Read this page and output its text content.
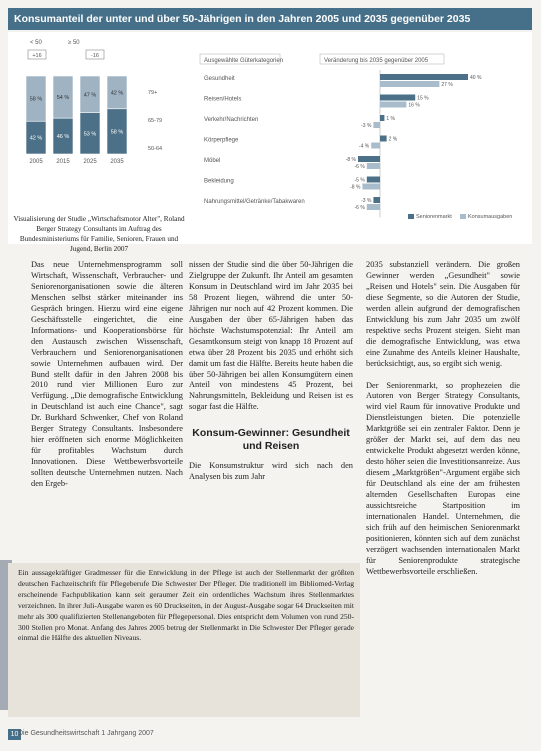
Konsumanteil der unter und über 50-Jährigen in den Jahren 2005 und 2035 gegenüber 2035
< 50	≥ 50
42 %
58 %
2005
46 %
54 %
2015
53 %
47 %
2025
58 %
42 %
2035
+16	-16
79+
65-79
50-64
Ausgewählte Güterkategorien	Veränderung bis 2035 gegenüber 2005
Gesundheit	40 %
27 %
Reisen/Hotels	15 %
16 %
Verkehr/Nachrichten	1 %
-3 %
Körperpflege	2 %
-4 %
Möbel	-8 %
-6 %
Bekleidung	-5 %
-8 %
Nahrungsmittel/Getränke/Tabakwaren	-3 %
-6 %
Seniorenmarkt	Konsumausgaben
Visualisierung der Studie „Wirtschaftsmotor Alter", Roland Berger Strategy Consultants im Auftrag des Bundesministeriums für Familie, Senioren, Frauen und Jugend, Berlin 2007

Das neue Unternehmensprogramm soll Wirtschaft, Wissenschaft, Verbraucher- und Seniorenorganisationen sowie die älteren Menschen selbst stärker miteinander ins Gespräch bringen. Hierzu wird eine eigene Geschäftsstelle eingerichtet, die eine Informations- und Kooperationsbörse für den Austausch zwischen Wissenschaft, Verbrauchern und Seniorenorganisationen sowie Unternehmen aufbauen wird. Der Bund stellt dafür in den Jahren 2008 bis 2010 rund vier Millionen Euro zur Verfügung. „Die demografische Entwicklung in Deutschland ist auch eine Chance", sagt Dr. Burkhard Schwenker, Chef von Roland Berger Strategy Consultants. Insbesondere hier eröffneten sich enorme Möglichkeiten für profitables Wachstum durch Innovationen. Diese Wettbewerbsvorteile sollten deutsche Unternehmen nutzen. Nach den Ergeb-

nissen der Studie sind die über 50-Jährigen die Zielgruppe der Zukunft. Ihr Anteil am gesamten Konsum in Deutschland wird im Jahr 2035 bei 58 Prozent liegen, während die unter 50-Jährigen nur noch auf 42 Prozent kommen. Die Ausgaben der über 65-Jährigen haben das höchste Wachstumspotenzial: Ihr Anteil am Gesamtkonsum steigt von knapp 18 Prozent auf etwa über 28 Prozent bis 2035 und erhöht sich damit um fast die Hälfte. Bereits heute haben die über 50-Jährigen bei allen Konsumgütern einen Anteil von mindestens 45 Prozent, bei Nahrungsmitteln, Bekleidung und Reisen ist es sogar fast die Hälfte.

Konsum-Gewinner: Gesundheit und Reisen

Die Konsumstruktur wird sich nach den Analysen bis zum Jahr

2035 substanziell verändern. Die großen Gewinner werden „Gesundheit" sowie „Reisen und Hotels" sein. Die Ausgaben für diese Segmente, so die Autoren der Studie, werden allein aufgrund der demografischen Entwicklung bis zum Jahr 2035 um zwölf respektive sechs Prozent steigen. Sieht man die demografische Entwicklung, was etwa eine Zunahme des Anteils kleiner Haushalte, berücksichtigt, aus, so ergibt sich wenig.

Der Seniorenmarkt, so prophezeien die Autoren von Berger Strategy Consultants, wird viel Raum für innovative Produkte und Dienstleistungen bieten. Die potenzielle Marktgröße sei ein zentraler Faktor. Denn je größer der Markt sei, auf dem das neu entwickelte Produkt abgesetzt werden könne, desto höher seien die Investitionsanreize. Aus diesem „Marktgrößen"-Argument ergäbe sich für Deutschland als eine der am frühesten alternden Gesellschaften Europas eine aussichtsreiche Startposition im internationalen Handel. Unternehmen, die sich früh auf den heimischen Seniorenmarkt positionieren, könnten sich auf dem zunächst verzögert wachsenden internationalen Markt für Seniorenprodukte strategische Wettbewerbsvorteile erschließen.

Ein aussagekräftiger Gradmesser für die Entwicklung in der Pflege ist auch der Stellenmarkt der größten deutschen Fachzeitschrift für Pflegeberufe Die Schwester Der Pfleger. Die traditionell im Bibliomed-Verlag erscheinende Fachpublikation kann seit geraumer Zeit ein ordentliches Wachstum ihres Stellenmarktes verzeichnen. In ihrer Juli-Ausgabe waren es 60 Druckseiten, in der August-Ausgabe sogar 64 Druckseiten mit mehr als 300 qualifizierten Stellenangeboten für Pflegepersonal. Dies entspricht dem Volumen von rund 250-300 Stellen pro Monat. Anfang des Jahres 2005 betrug der Stellenmarkt in Die Schwester Der Pfleger gerade einmal die Hälfte des aktuellen Niveaus.
10 Die Gesundheitswirtschaft 1 Jahrgang 2007
